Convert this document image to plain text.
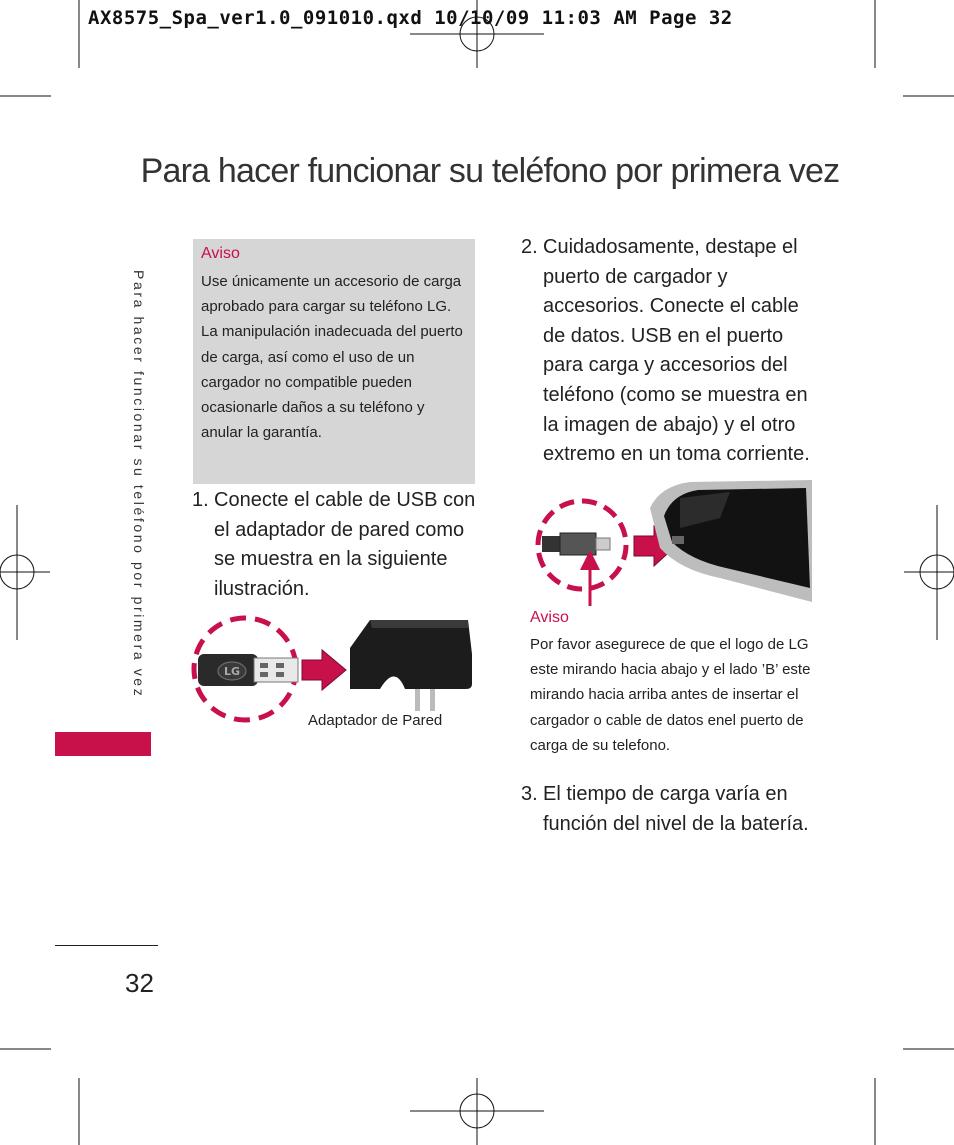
AX8575_Spa_ver1.0_091010.qxd 10/10/09 11:03 AM Page 32
Para hacer funcionar su teléfono por primera vez
Para hacer funcionar su teléfono por primera vez
32
Aviso
Use únicamente un accesorio de carga aprobado para cargar su teléfono LG. La manipulación inadecuada del puerto de carga, así como el uso de un cargador no compatible pueden ocasionarle daños a su teléfono y anular la garantía.
1. Conecte el cable de USB con el adaptador de pared como se muestra en la siguiente ilustración.
LG
Adaptador de Pared
2. Cuidadosamente, destape el puerto de cargador y accesorios. Conecte el cable de datos. USB en el puerto para carga y accesorios del teléfono (como se muestra en la imagen de abajo) y el otro extremo en un toma corriente.
Aviso
Por favor asegurece de que el logo de LG este mirando hacia abajo y el lado ’B’ este mirando hacia arriba antes de insertar el cargador o cable de datos enel puerto de carga de su telefono.
3. El tiempo de carga varía en función del nivel de la batería.
